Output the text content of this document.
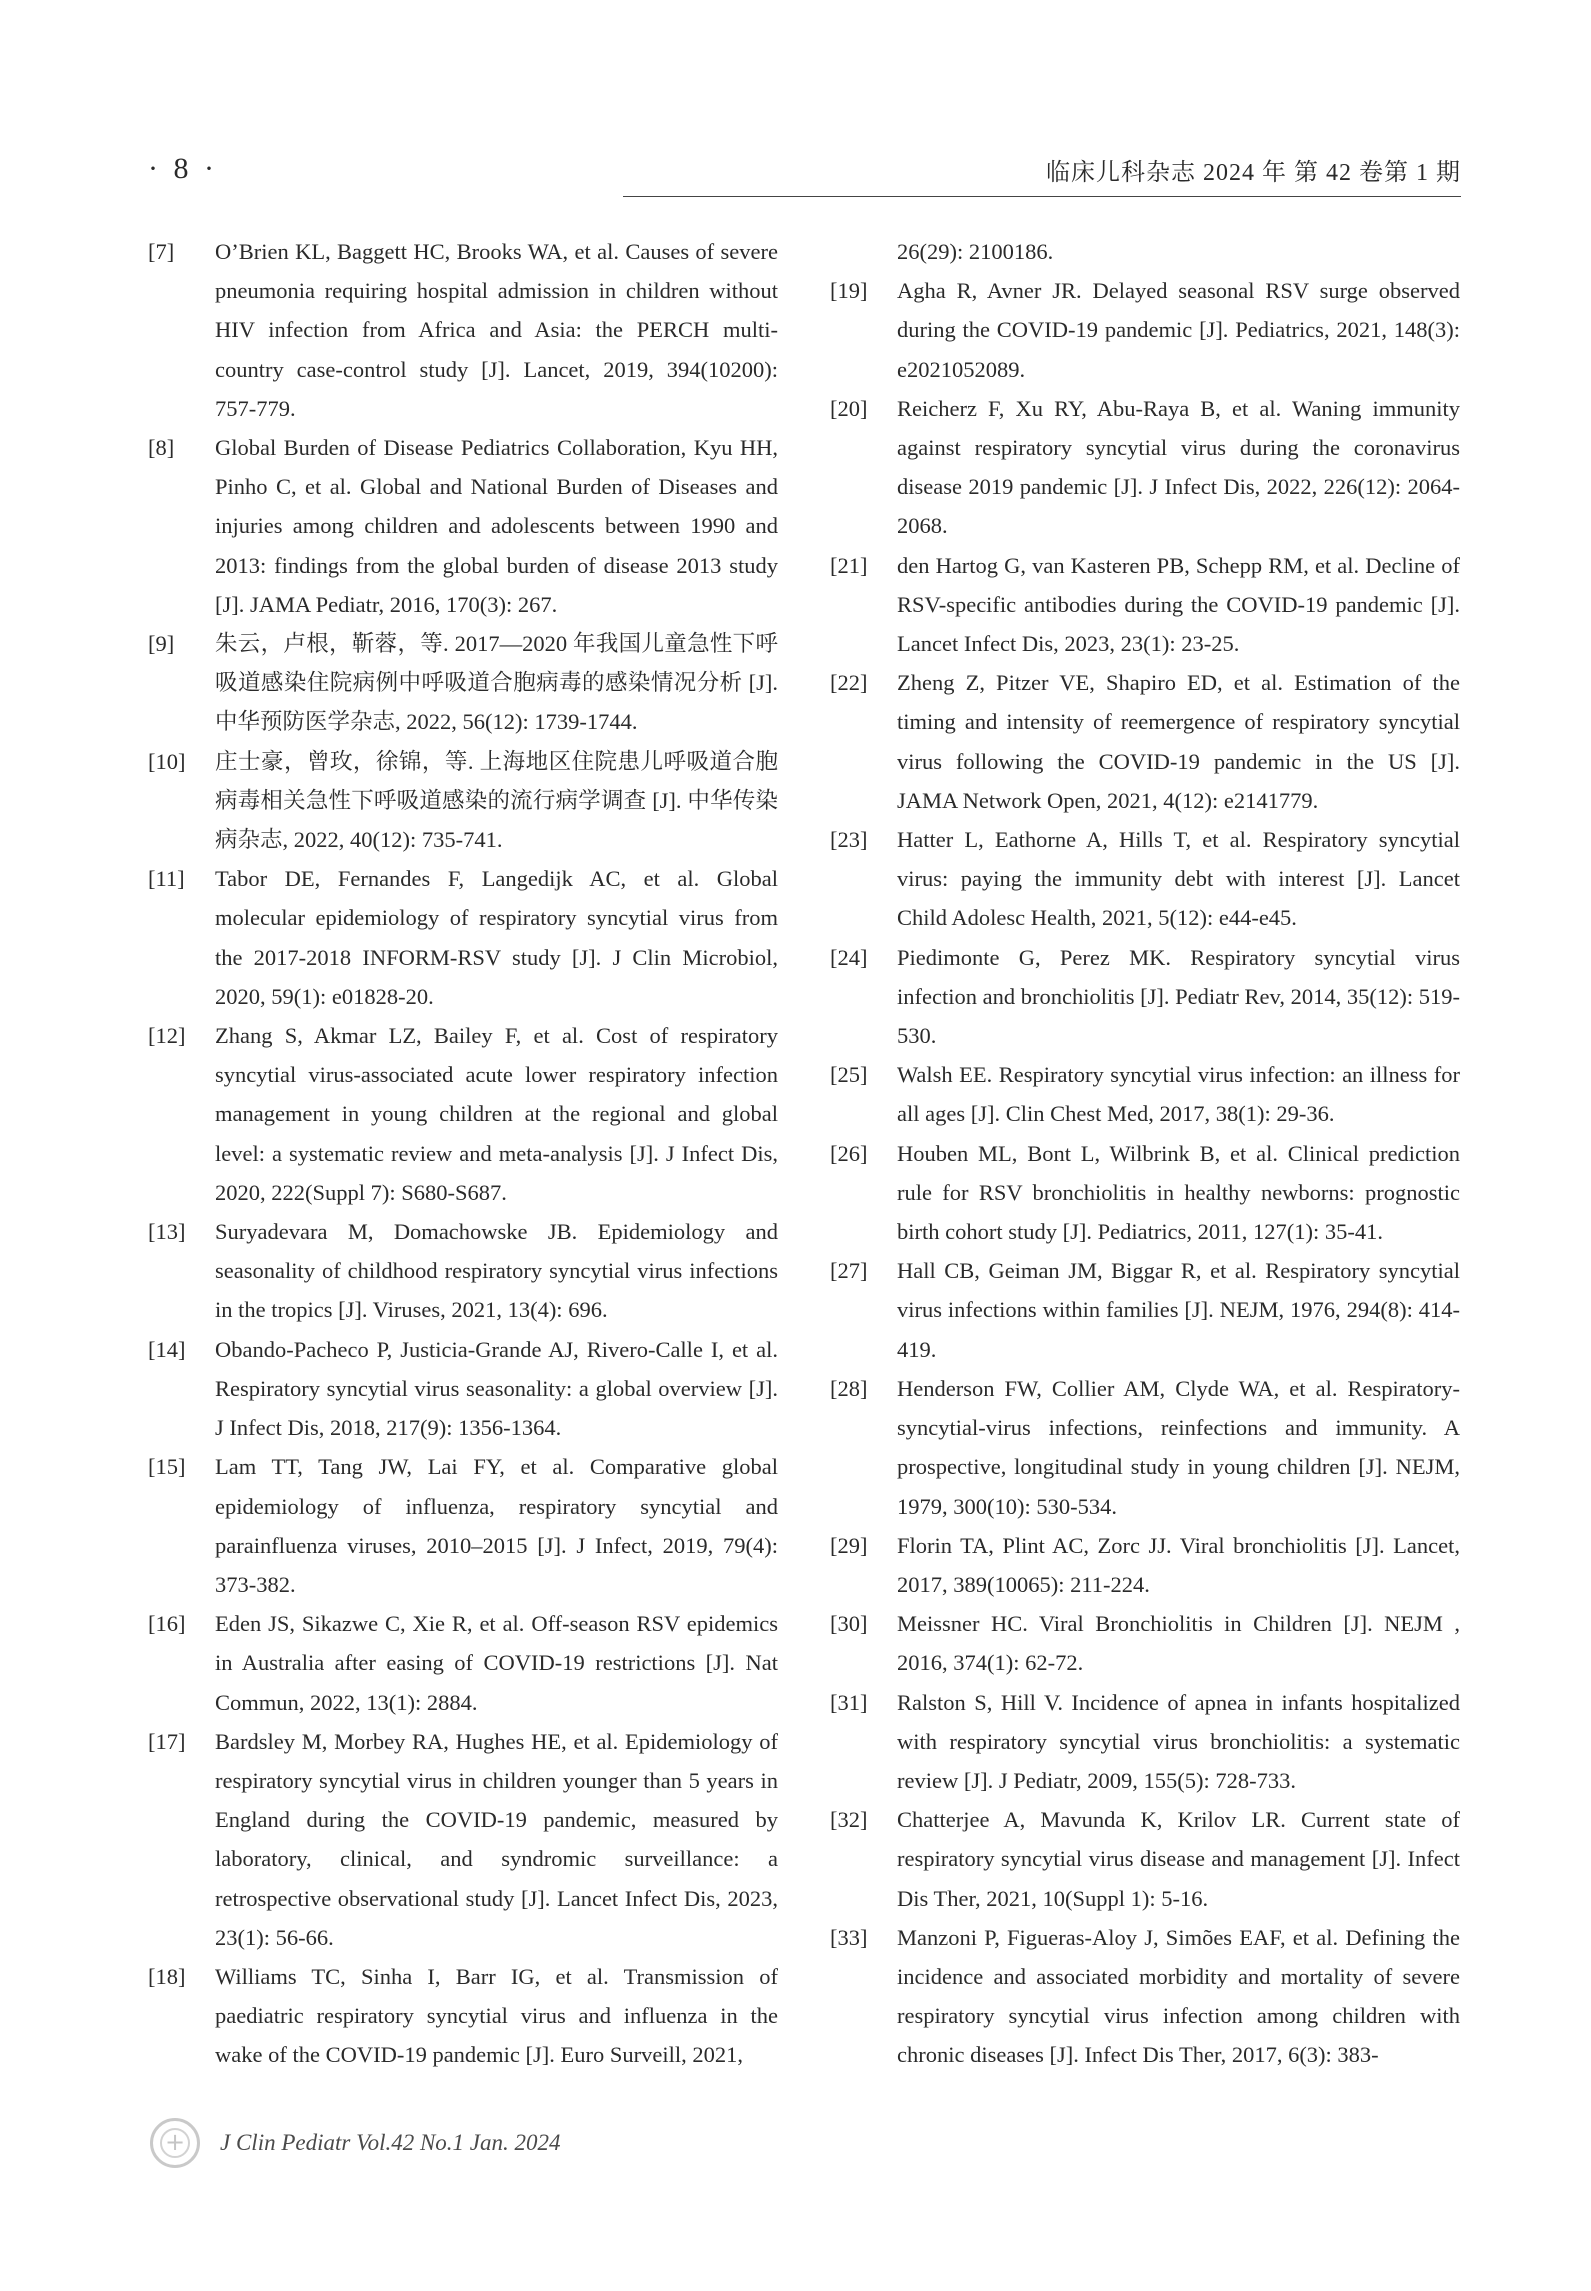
· 8 ·	临床儿科杂志 2024 年 第 42 卷第 1 期
[7]	O’Brien KL, Baggett HC, Brooks WA, et al. Causes of severe pneumonia requiring hospital admission in children without HIV infection from Africa and Asia: the PERCH multi-country case-control study [J]. Lancet, 2019, 394(10200): 757-779.
[8]	Global Burden of Disease Pediatrics Collaboration, Kyu HH, Pinho C, et al. Global and National Burden of Diseases and injuries among children and adolescents between 1990 and 2013: findings from the global burden of disease 2013 study [J]. JAMA Pediatr, 2016, 170(3): 267.
[9]	朱云，卢根，靳蓉，等. 2017—2020 年我国儿童急性下呼吸道感染住院病例中呼吸道合胞病毒的感染情况分析 [J]. 中华预防医学杂志, 2022, 56(12): 1739-1744.
[10]	庄士豪，曾玫，徐锦，等. 上海地区住院患儿呼吸道合胞病毒相关急性下呼吸道感染的流行病学调查 [J]. 中华传染病杂志, 2022, 40(12): 735-741.
[11]	Tabor DE, Fernandes F, Langedijk AC, et al. Global molecular epidemiology of respiratory syncytial virus from the 2017-2018 INFORM-RSV study [J]. J Clin Microbiol, 2020, 59(1): e01828-20.
[12]	Zhang S, Akmar LZ, Bailey F, et al. Cost of respiratory syncytial virus-associated acute lower respiratory infection management in young children at the regional and global level: a systematic review and meta-analysis [J]. J Infect Dis, 2020, 222(Suppl 7): S680-S687.
[13]	Suryadevara M, Domachowske JB. Epidemiology and seasonality of childhood respiratory syncytial virus infections in the tropics [J]. Viruses, 2021, 13(4): 696.
[14]	Obando-Pacheco P, Justicia-Grande AJ, Rivero-Calle I, et al. Respiratory syncytial virus seasonality: a global overview [J]. J Infect Dis, 2018, 217(9): 1356-1364.
[15]	Lam TT, Tang JW, Lai FY, et al. Comparative global epidemiology of influenza, respiratory syncytial and parainfluenza viruses, 2010–2015 [J]. J Infect, 2019, 79(4): 373-382.
[16]	Eden JS, Sikazwe C, Xie R, et al. Off-season RSV epidemics in Australia after easing of COVID-19 restrictions [J]. Nat Commun, 2022, 13(1): 2884.
[17]	Bardsley M, Morbey RA, Hughes HE, et al. Epidemiology of respiratory syncytial virus in children younger than 5 years in England during the COVID-19 pandemic, measured by laboratory, clinical, and syndromic surveillance: a retrospective observational study [J]. Lancet Infect Dis, 2023, 23(1): 56-66.
[18]	Williams TC, Sinha I, Barr IG, et al. Transmission of paediatric respiratory syncytial virus and influenza in the wake of the COVID-19 pandemic [J]. Euro Surveill, 2021,
26(29): 2100186.
[19]	Agha R, Avner JR. Delayed seasonal RSV surge observed during the COVID-19 pandemic [J]. Pediatrics, 2021, 148(3): e2021052089.
[20]	Reicherz F, Xu RY, Abu-Raya B, et al. Waning immunity against respiratory syncytial virus during the coronavirus disease 2019 pandemic [J]. J Infect Dis, 2022, 226(12): 2064-2068.
[21]	den Hartog G, van Kasteren PB, Schepp RM, et al. Decline of RSV-specific antibodies during the COVID-19 pandemic [J]. Lancet Infect Dis, 2023, 23(1): 23-25.
[22]	Zheng Z, Pitzer VE, Shapiro ED, et al. Estimation of the timing and intensity of reemergence of respiratory syncytial virus following the COVID-19 pandemic in the US [J]. JAMA Network Open, 2021, 4(12): e2141779.
[23]	Hatter L, Eathorne A, Hills T, et al. Respiratory syncytial virus: paying the immunity debt with interest [J]. Lancet Child Adolesc Health, 2021, 5(12): e44-e45.
[24]	Piedimonte G, Perez MK. Respiratory syncytial virus infection and bronchiolitis [J]. Pediatr Rev, 2014, 35(12): 519-530.
[25]	Walsh EE. Respiratory syncytial virus infection: an illness for all ages [J]. Clin Chest Med, 2017, 38(1): 29-36.
[26]	Houben ML, Bont L, Wilbrink B, et al. Clinical prediction rule for RSV bronchiolitis in healthy newborns: prognostic birth cohort study [J]. Pediatrics, 2011, 127(1): 35-41.
[27]	Hall CB, Geiman JM, Biggar R, et al. Respiratory syncytial virus infections within families [J]. NEJM, 1976, 294(8): 414-419.
[28]	Henderson FW, Collier AM, Clyde WA, et al. Respiratory-syncytial-virus infections, reinfections and immunity. A prospective, longitudinal study in young children [J]. NEJM, 1979, 300(10): 530-534.
[29]	Florin TA, Plint AC, Zorc JJ. Viral bronchiolitis [J]. Lancet, 2017, 389(10065): 211-224.
[30]	Meissner HC. Viral Bronchiolitis in Children [J]. NEJM , 2016, 374(1): 62-72.
[31]	Ralston S, Hill V. Incidence of apnea in infants hospitalized with respiratory syncytial virus bronchiolitis: a systematic review [J]. J Pediatr, 2009, 155(5): 728-733.
[32]	Chatterjee A, Mavunda K, Krilov LR. Current state of respiratory syncytial virus disease and management [J]. Infect Dis Ther, 2021, 10(Suppl 1): 5-16.
[33]	Manzoni P, Figueras-Aloy J, Simões EAF, et al. Defining the incidence and associated morbidity and mortality of severe respiratory syncytial virus infection among children with chronic diseases [J]. Infect Dis Ther, 2017, 6(3): 383-
+
J Clin Pediatr Vol.42 No.1 Jan. 2024
